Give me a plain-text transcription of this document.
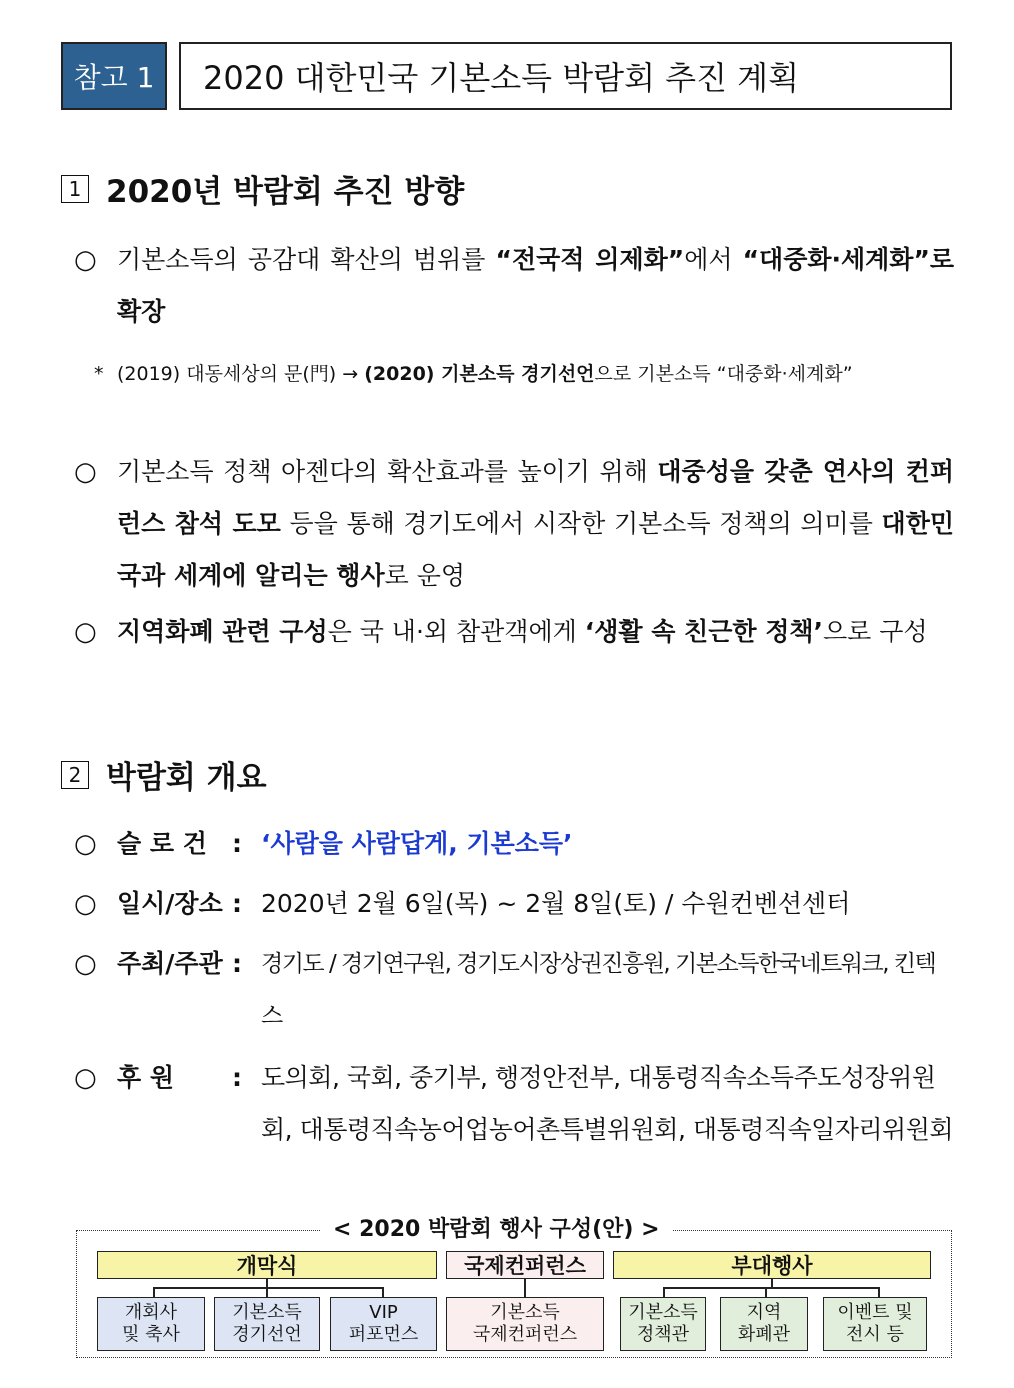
참고 1	2020 대한민국 기본소득 박람회 추진 계획
1 2020년 박람회 추진 방향
○ 기본소득의 공감대 확산의 범위를 “전국적 의제화”에서 “대중화·세계화”로 확장
* (2019) 대동세상의 문(門) → (2020) 기본소득 경기선언으로 기본소득 “대중화·세계화”
○ 기본소득 정책 아젠다의 확산효과를 높이기 위해 대중성을 갖춘 연사의 컨퍼런스 참석 도모 등을 통해 경기도에서 시작한 기본소득 정책의 의미를 대한민국과 세계에 알리는 행사로 운영
○ 지역화폐 관련 구성은 국 내·외 참관객에게 ‘생활 속 친근한 정책’으로 구성
2 박람회 개요
○ 슬 로 건 : ‘사람을 사람답게, 기본소득’
○ 일시/장소 : 2020년 2월 6일(목) ~ 2월 8일(토) / 수원컨벤션센터
○ 주최/주관 : 경기도 / 경기연구원, 경기도시장상권진흥원, 기본소득한국네트워크, 킨텍스
○ 후 원 : 도의회, 국회, 중기부, 행정안전부, 대통령직속소득주도성장위원회, 대통령직속농어업농어촌특별위원회, 대통령직속일자리위원회
< 2020 박람회 행사 구성(안) >
개막식	국제컨퍼런스	부대행사
개회사
및 축사
기본소득
경기선언
VIP
퍼포먼스
기본소득
국제컨퍼런스
기본소득
정책관
지역
화폐관
이벤트 및
전시 등
